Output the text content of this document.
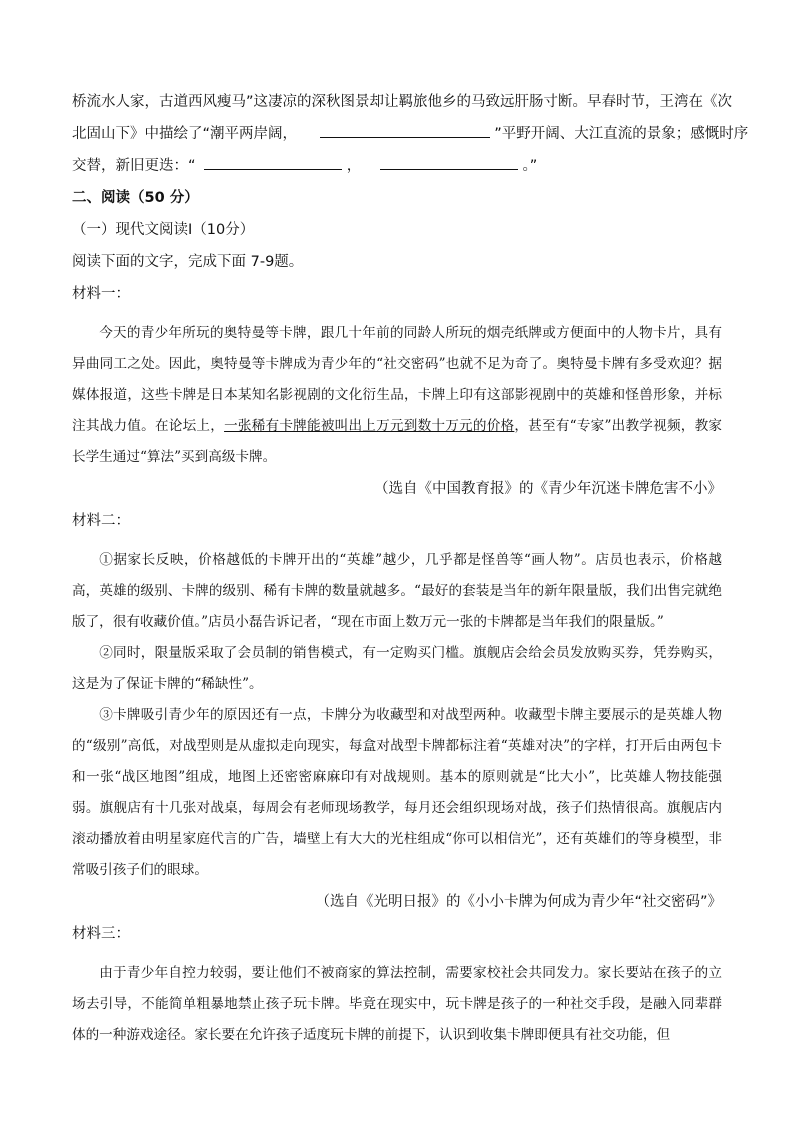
桥流水人家，古道西风瘦马”这凄凉的深秋图景却让羁旅他乡的马致远肝肠寸断。早春时节，王湾在《次
北固山下》中描绘了“潮平两岸阔，	”平野开阔、大江直流的景象；感慨时序
交替，新旧更迭：“	，	。”
二、阅读（50 分）
（一）现代文阅读Ⅰ（10分）
阅读下面的文字，完成下面 7-9题。
材料一：

今天的青少年所玩的奥特曼等卡牌，跟几十年前的同龄人所玩的烟壳纸牌或方便面中的人物卡片，具有异曲同工之处。因此，奥特曼等卡牌成为青少年的“社交密码”也就不足为奇了。奥特曼卡牌有多受欢迎？据媒体报道，这些卡牌是日本某知名影视剧的文化衍生品，卡牌上印有这部影视剧中的英雄和怪兽形象，并标注其战力值。在论坛上，一张稀有卡牌能被叫出上万元到数十万元的价格，甚至有“专家”出教学视频，教家长学生通过“算法”买到高级卡牌。

（选自《中国教育报》的《青少年沉迷卡牌危害不小》
材料二：

①据家长反映，价格越低的卡牌开出的“英雄”越少，几乎都是怪兽等“画人物”。店员也表示，价格越高，英雄的级别、卡牌的级别、稀有卡牌的数量就越多。“最好的套装是当年的新年限量版，我们出售完就绝版了，很有收藏价值。”店员小磊告诉记者，“现在市面上数万元一张的卡牌都是当年我们的限量版。”

②同时，限量版采取了会员制的销售模式，有一定购买门槛。旗舰店会给会员发放购买券，凭券购买，这是为了保证卡牌的“稀缺性”。

③卡牌吸引青少年的原因还有一点，卡牌分为收藏型和对战型两种。收藏型卡牌主要展示的是英雄人物的“级别”高低，对战型则是从虚拟走向现实，每盒对战型卡牌都标注着“英雄对决”的字样，打开后由两包卡和一张“战区地图”组成，地图上还密密麻麻印有对战规则。基本的原则就是“比大小”，比英雄人物技能强弱。旗舰店有十几张对战桌，每周会有老师现场教学，每月还会组织现场对战，孩子们热情很高。旗舰店内滚动播放着由明星家庭代言的广告，墙壁上有大大的光柱组成“你可以相信光”，还有英雄们的等身模型，非常吸引孩子们的眼球。

（选自《光明日报》的《小小卡牌为何成为青少年“社交密码”》
材料三：

由于青少年自控力较弱，要让他们不被商家的算法控制，需要家校社会共同发力。家长要站在孩子的立场去引导，不能简单粗暴地禁止孩子玩卡牌。毕竟在现实中，玩卡牌是孩子的一种社交手段，是融入同辈群体的一种游戏途径。家长要在允许孩子适度玩卡牌的前提下，认识到收集卡牌即便具有社交功能，但
